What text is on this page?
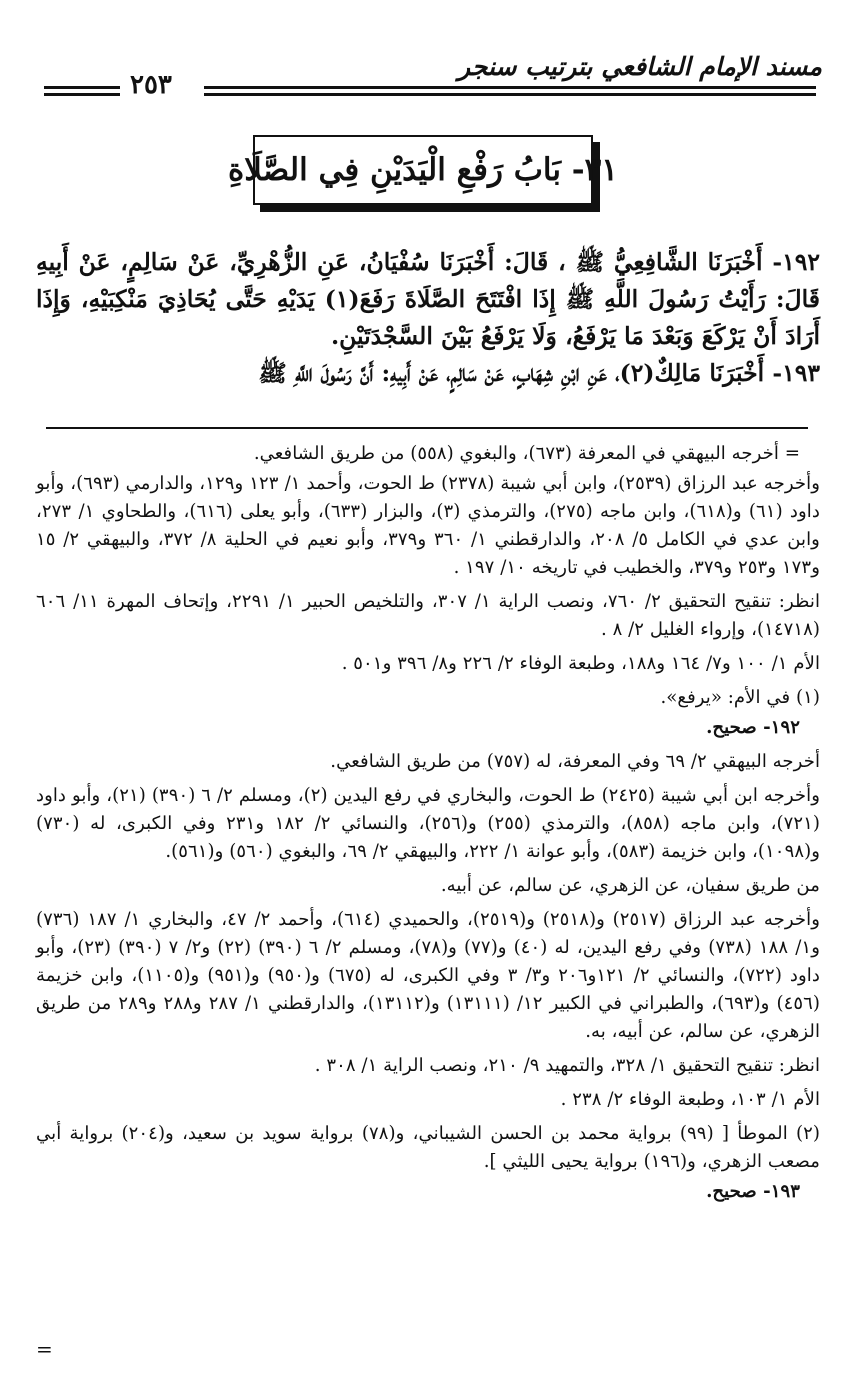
مسند الإمام الشافعي بترتيب سنجر
٢٥٣
٣١- بَابُ رَفْعِ الْيَدَيْنِ فِي الصَّلَاةِ

١٩٢- أَخْبَرَنَا الشَّافِعِيُّ ﷺ ، قَالَ: أَخْبَرَنَا سُفْيَانُ، عَنِ الزُّهْرِيِّ، عَنْ سَالِمٍ، عَنْ أَبِيهِ قَالَ: رَأَيْتُ رَسُولَ اللَّهِ ﷺ إِذَا افْتَتَحَ الصَّلَاةَ رَفَعَ(١) يَدَيْهِ حَتَّى يُحَاذِيَ مَنْكِبَيْهِ، وَإِذَا أَرَادَ أَنْ يَرْكَعَ وَبَعْدَ مَا يَرْفَعُ، وَلَا يَرْفَعُ بَيْنَ السَّجْدَتَيْنِ.

١٩٣- أَخْبَرَنَا مَالِكٌ(٢)، عَنِ ابْنِ شِهَابٍ، عَنْ سَالِمٍ، عَنْ أَبِيهِ: أَنَّ رَسُولَ اللَّهِ ﷺ

= أخرجه البيهقي في المعرفة (٦٧٣)، والبغوي (٥٥٨) من طريق الشافعي.

وأخرجه عبد الرزاق (٢٥٣٩)، وابن أبي شيبة (٢٣٧٨) ط الحوت، وأحمد ١/ ١٢٣ و١٢٩، والدارمي (٦٩٣)، وأبو داود (٦١) و(٦١٨)، وابن ماجه (٢٧٥)، والترمذي (٣)، والبزار (٦٣٣)، وأبو يعلى (٦١٦)، والطحاوي ١/ ٢٧٣، وابن عدي في الكامل ٥/ ٢٠٨، والدارقطني ١/ ٣٦٠ و٣٧٩، وأبو نعيم في الحلية ٨/ ٣٧٢، والبيهقي ٢/ ١٥ و١٧٣ و٢٥٣ و٣٧٩، والخطيب في تاريخه ١٠/ ١٩٧ .

انظر: تنقيح التحقيق ٢/ ٧٦٠، ونصب الراية ١/ ٣٠٧، والتلخيص الحبير ١/ ٢٢٩١، وإتحاف المهرة ١١/ ٦٠٦ (١٤٧١٨)، وإرواء الغليل ٢/ ٨ .

الأم ١/ ١٠٠ و٧/ ١٦٤ و١٨٨، وطبعة الوفاء ٢/ ٢٢٦ و٨/ ٣٩٦ و٥٠١ .

(١) في الأم: «يرفع».

١٩٢- صحيح.

أخرجه البيهقي ٢/ ٦٩ وفي المعرفة، له (٧٥٧) من طريق الشافعي.

وأخرجه ابن أبي شيبة (٢٤٢٥) ط الحوت، والبخاري في رفع اليدين (٢)، ومسلم ٢/ ٦ (٣٩٠) (٢١)، وأبو داود (٧٢١)، وابن ماجه (٨٥٨)، والترمذي (٢٥٥) و(٢٥٦)، والنسائي ٢/ ١٨٢ و٢٣١ وفي الكبرى، له (٧٣٠) و(١٠٩٨)، وابن خزيمة (٥٨٣)، وأبو عوانة ١/ ٢٢٢، والبيهقي ٢/ ٦٩، والبغوي (٥٦٠) و(٥٦١).

من طريق سفيان، عن الزهري، عن سالم، عن أبيه.

وأخرجه عبد الرزاق (٢٥١٧) و(٢٥١٨) و(٢٥١٩)، والحميدي (٦١٤)، وأحمد ٢/ ٤٧، والبخاري ١/ ١٨٧ (٧٣٦) و١/ ١٨٨ (٧٣٨) وفي رفع اليدين، له (٤٠) و(٧٧) و(٧٨)، ومسلم ٢/ ٦ (٣٩٠) (٢٢) و٢/ ٧ (٣٩٠) (٢٣)، وأبو داود (٧٢٢)، والنسائي ٢/ ١٢١و٢٠٦ و٣/ ٣ وفي الكبرى، له (٦٧٥) و(٩٥٠) و(٩٥١) و(١١٠٥)، وابن خزيمة (٤٥٦) و(٦٩٣)، والطبراني في الكبير ١٢/ (١٣١١١) و(١٣١١٢)، والدارقطني ١/ ٢٨٧ و٢٨٨ و٢٨٩ من طريق الزهري، عن سالم، عن أبيه، به.

انظر: تنقيح التحقيق ١/ ٣٢٨، والتمهيد ٩/ ٢١٠، ونصب الراية ١/ ٣٠٨ .

الأم ١/ ١٠٣، وطبعة الوفاء ٢/ ٢٣٨ .

(٢) الموطأ [ (٩٩) برواية محمد بن الحسن الشيباني، و(٧٨) برواية سويد بن سعيد، و(٢٠٤) برواية أبي مصعب الزهري، و(١٩٦) برواية يحيى الليثي ].

١٩٣- صحيح.

=
